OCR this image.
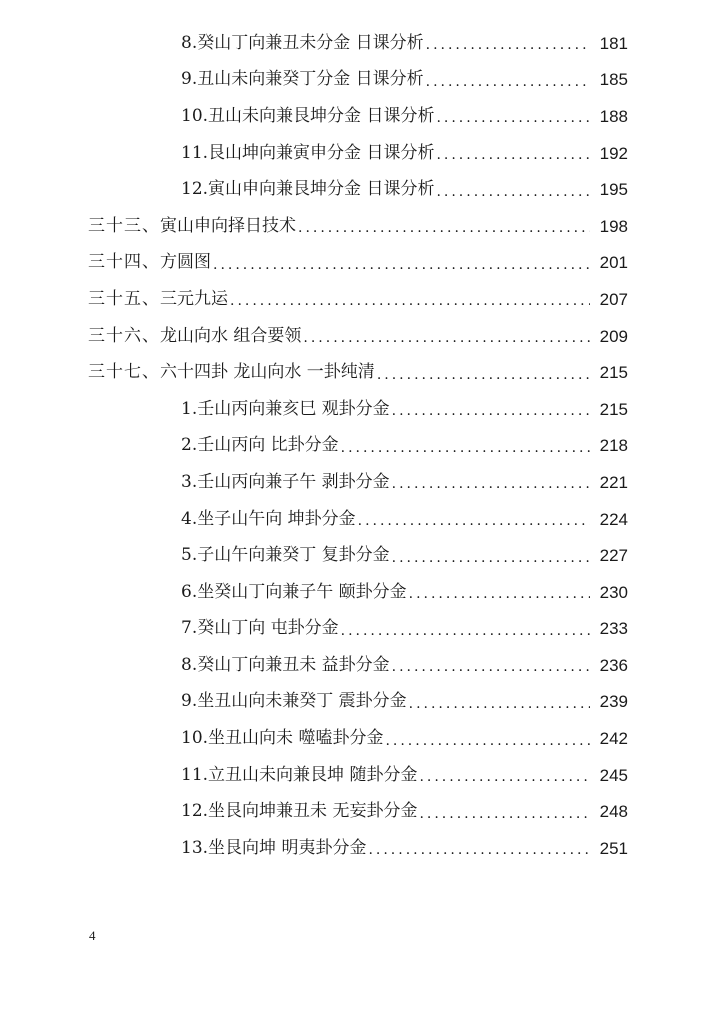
8.癸山丁向兼丑未分金 日课分析 .....	181
9.丑山未向兼癸丁分金 日课分析 .....	185
10.丑山未向兼艮坤分金 日课分析 .....	188
11.艮山坤向兼寅申分金 日课分析 .....	192
12.寅山申向兼艮坤分金 日课分析 .....	195
三十三、 寅山申向择日技术 .....	198
三十四、 方圆图 .....	201
三十五、 三元九运 .....	207
三十六、 龙山向水 组合要领 .....	209
三十七、 六十四卦 龙山向水 一卦纯清 .....	215
1.壬山丙向兼亥巳 观卦分金 .....	215
2.壬山丙向 比卦分金 .....	218
3.壬山丙向兼子午 剥卦分金 .....	221
4.坐子山午向 坤卦分金 .....	224
5.子山午向兼癸丁 复卦分金 .....	227
6.坐癸山丁向兼子午 颐卦分金 .....	230
7.癸山丁向 屯卦分金 .....	233
8.癸山丁向兼丑未 益卦分金 .....	236
9.坐丑山向未兼癸丁 震卦分金 .....	239
10.坐丑山向未 噬嗑卦分金 .....	242
11.立丑山未向兼艮坤 随卦分金 .....	245
12.坐艮向坤兼丑未 无妄卦分金 .....	248
13.坐艮向坤 明夷卦分金 .....	251
4
